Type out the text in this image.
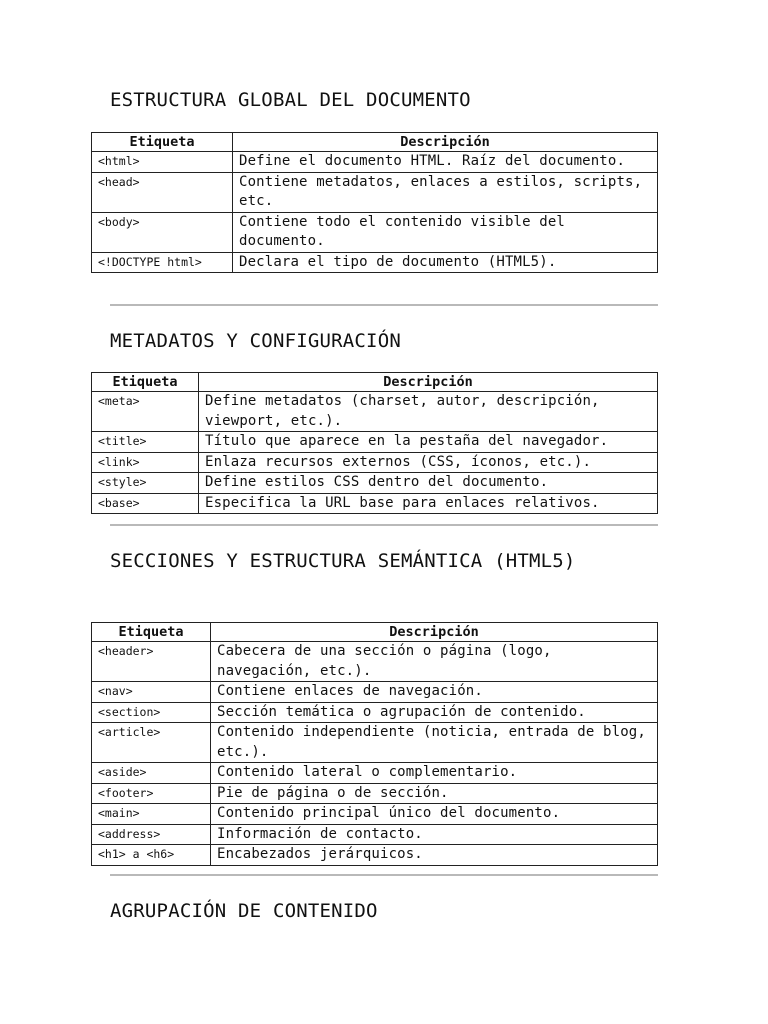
ESTRUCTURA GLOBAL DEL DOCUMENTO
Etiqueta	Descripción
<html>	Define el documento HTML. Raíz del documento.
<head>	Contiene metadatos, enlaces a estilos, scripts, etc.
<body>	Contiene todo el contenido visible del documento.
<!DOCTYPE html>	Declara el tipo de documento (HTML5).
METADATOS Y CONFIGURACIÓN
Etiqueta	Descripción
<meta>	Define metadatos (charset, autor, descripción, viewport, etc.).
<title>	Título que aparece en la pestaña del navegador.
<link>	Enlaza recursos externos (CSS, íconos, etc.).
<style>	Define estilos CSS dentro del documento.
<base>	Especifica la URL base para enlaces relativos.
SECCIONES Y ESTRUCTURA SEMÁNTICA (HTML5)
Etiqueta	Descripción
<header>	Cabecera de una sección o página (logo, navegación, etc.).
<nav>	Contiene enlaces de navegación.
<section>	Sección temática o agrupación de contenido.
<article>	Contenido independiente (noticia, entrada de blog, etc.).
<aside>	Contenido lateral o complementario.
<footer>	Pie de página o de sección.
<main>	Contenido principal único del documento.
<address>	Información de contacto.
<h1> a <h6>	Encabezados jerárquicos.
AGRUPACIÓN DE CONTENIDO
